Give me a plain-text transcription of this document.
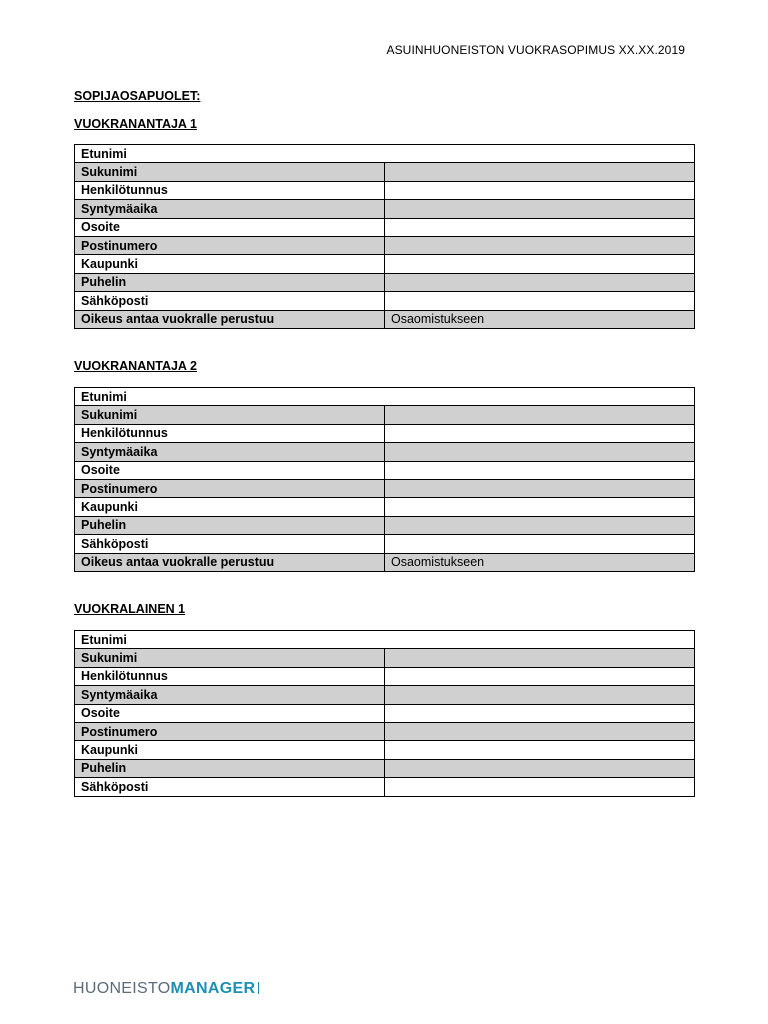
ASUINHUONEISTON VUOKRASOPIMUS XX.XX.2019
SOPIJAOSAPUOLET:
VUOKRANANTAJA 1
Etunimi	
Sukunimi	
Henkilötunnus	
Syntymäaika	
Osoite	
Postinumero	
Kaupunki	
Puhelin	
Sähköposti	
Oikeus antaa vuokralle perustuu	Osaomistukseen
VUOKRANANTAJA 2
Etunimi	
Sukunimi	
Henkilötunnus	
Syntymäaika	
Osoite	
Postinumero	
Kaupunki	
Puhelin	
Sähköposti	
Oikeus antaa vuokralle perustuu	Osaomistukseen
VUOKRALAINEN 1
Etunimi	
Sukunimi	
Henkilötunnus	
Syntymäaika	
Osoite	
Postinumero	
Kaupunki	
Puhelin	
Sähköposti	
HUONEISTOMANAGER
